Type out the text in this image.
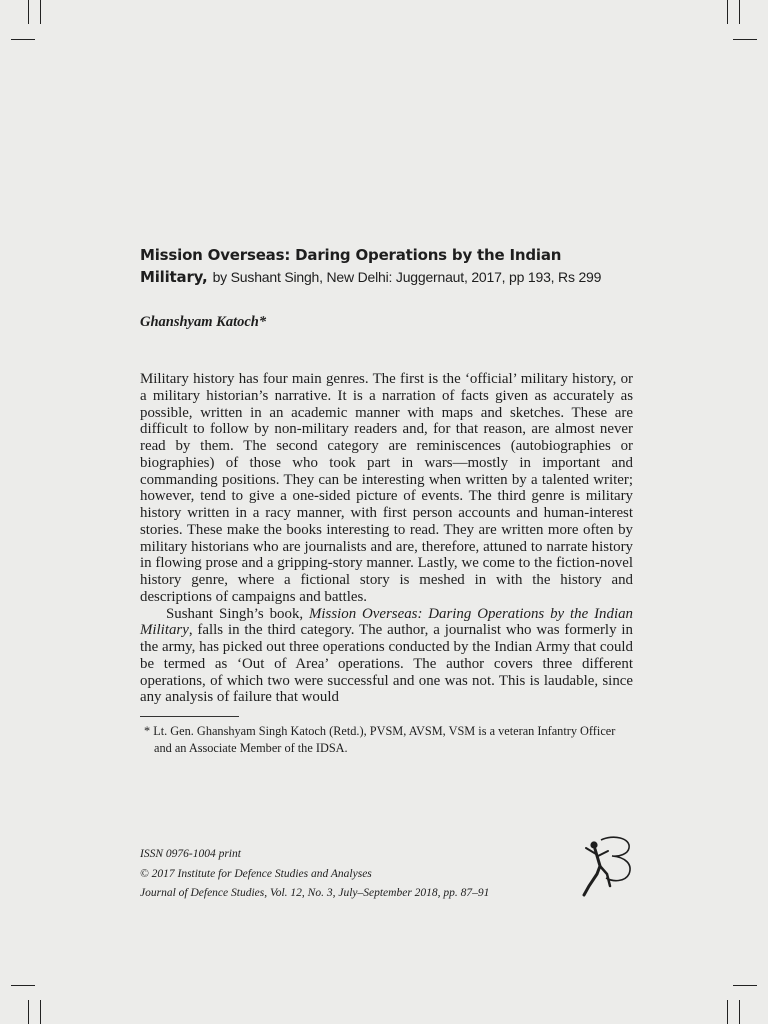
Mission Overseas: Daring Operations by the Indian Military, by Sushant Singh, New Delhi: Juggernaut, 2017, pp 193, Rs 299

Ghanshyam Katoch*

Military history has four main genres. The first is the ‘official’ military history, or a military historian’s narrative. It is a narration of facts given as accurately as possible, written in an academic manner with maps and sketches. These are difficult to follow by non-military readers and, for that reason, are almost never read by them. The second category are reminiscences (autobiographies or biographies) of those who took part in wars—mostly in important and commanding positions. They can be interesting when written by a talented writer; however, tend to give a one-sided picture of events. The third genre is military history written in a racy manner, with first person accounts and human-interest stories. These make the books interesting to read. They are written more often by military historians who are journalists and are, therefore, attuned to narrate history in flowing prose and a gripping-story manner. Lastly, we come to the fiction-novel history genre, where a fictional story is meshed in with the history and descriptions of campaigns and battles.

Sushant Singh’s book, Mission Overseas: Daring Operations by the Indian Military, falls in the third category. The author, a journalist who was formerly in the army, has picked out three operations conducted by the Indian Army that could be termed as ‘Out of Area’ operations. The author covers three different operations, of which two were successful and one was not. This is laudable, since any analysis of failure that would

* Lt. Gen. Ghanshyam Singh Katoch (Retd.), PVSM, AVSM, VSM is a veteran Infantry Officer and an Associate Member of the IDSA.
ISSN 0976-1004 print
© 2017 Institute for Defence Studies and Analyses
Journal of Defence Studies, Vol. 12, No. 3, July–September 2018, pp. 87–91
